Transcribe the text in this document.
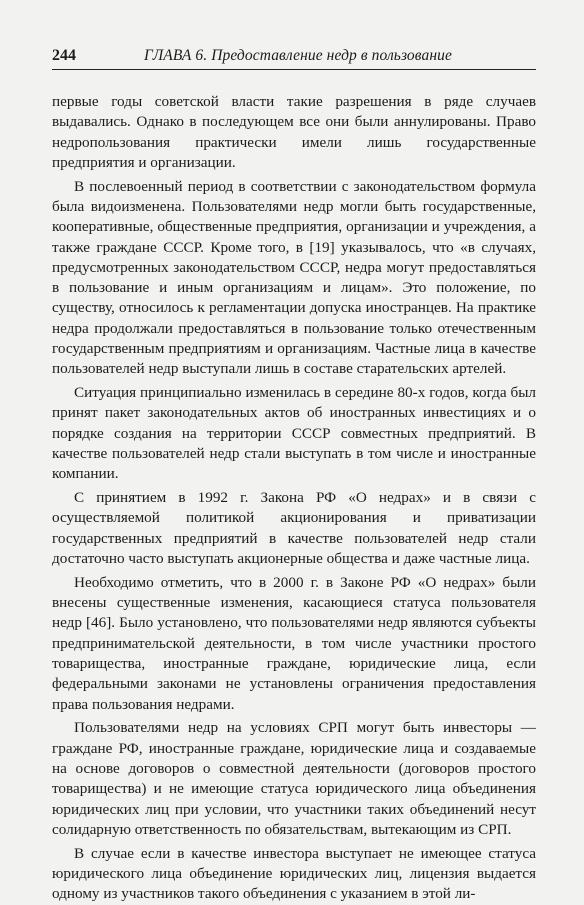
244	ГЛАВА 6. Предоставление недр в пользование

первые годы советской власти такие разрешения в ряде случаев выдавались. Однако в последующем все они были аннулированы. Право недропользования практически имели лишь государственные предприятия и организации.

В послевоенный период в соответствии с законодательством формула была видоизменена. Пользователями недр могли быть государственные, кооперативные, общественные предприятия, организации и учреждения, а также граждане СССР. Кроме того, в [19] указывалось, что «в случаях, предусмотренных законодательством СССР, недра могут предоставляться в пользование и иным организациям и лицам». Это положение, по существу, относилось к регламентации допуска иностранцев. На практике недра продолжали предоставляться в пользование только отечественным государственным предприятиям и организациям. Частные лица в качестве пользователей недр выступали лишь в составе старательских артелей.

Ситуация принципиально изменилась в середине 80-х годов, когда был принят пакет законодательных актов об иностранных инвестициях и о порядке создания на территории СССР совместных предприятий. В качестве пользователей недр стали выступать в том числе и иностранные компании.

С принятием в 1992 г. Закона РФ «О недрах» и в связи с осуществляемой политикой акционирования и приватизации государственных предприятий в качестве пользователей недр стали достаточно часто выступать акционерные общества и даже частные лица.

Необходимо отметить, что в 2000 г. в Законе РФ «О недрах» были внесены существенные изменения, касающиеся статуса пользователя недр [46]. Было установлено, что пользователями недр являются субъекты предпринимательской деятельности, в том числе участники простого товарищества, иностранные граждане, юридические лица, если федеральными законами не установлены ограничения предоставления права пользования недрами.

Пользователями недр на условиях СРП могут быть инвесторы — граждане РФ, иностранные граждане, юридические лица и создаваемые на основе договоров о совместной деятельности (договоров простого товарищества) и не имеющие статуса юридического лица объединения юридических лиц при условии, что участники таких объединений несут солидарную ответственность по обязательствам, вытекающим из СРП.

В случае если в качестве инвестора выступает не имеющее статуса юридического лица объединение юридических лиц, лицензия выдается одному из участников такого объединения с указанием в этой ли-
